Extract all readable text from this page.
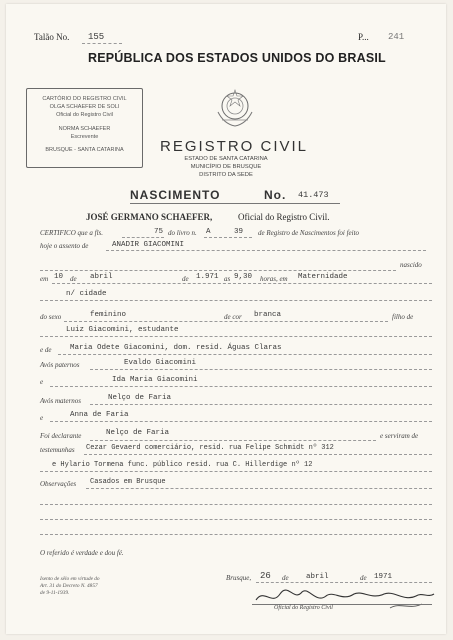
Talão No. 155	P... 241
REPÚBLICA DOS ESTADOS UNIDOS DO BRASIL
CARTÓRIO DO REGISTRO CIVIL
OLGA SCHAEFER DE SOLI
Oficial do Registro Civil
NORMA SCHAEFER
Escrevente
BRUSQUE - SANTA CATARINA	REGISTRO CIVIL
ESTADO DE SANTA CATARINA
MUNICÍPIO DE BRUSQUE
DISTRITO DA SEDE
NASCIMENTO	No. 41.473
JOSÉ GERMANO SCHAEFER,	Oficial do Registro Civil.
CERTIFICO que a fls.	75 do livro n. A	39 de Registro de Nascimentos foi feito
hoje o assento de	ANADIR GIACOMINI
nascido
em 10 de abril	de 1.971 as 9,30 horas, em Maternidade
n/ cidade
do sexo	feminino	de cor branca	filho de
Luiz Giacomini, estudante
e de Maria Odete Giacomini, dom. resid. Águas Claras
Avós paternos	Evaldo Giacomini
e	Ida Maria Giacomini
Avós maternos	Nelço de Faria
e	Anna de Faria
Foi declarante	Nelço de Faria	e serviram de
testemunhas Cezar Gevaerd comerciário, resid. rua Felipe Schmidt nº 312
e Hylario Tormena func. público resid. rua C. Hillerdige nº 12
Observações Casados em Brusque
O referido é verdade e dou fé.
Brusque, 26 de abril	de 1971
Oficial do Registro Civil
Isento de sêlo em virtude do
Art. 31 do Decreto N. 4857
de 9-11-1939.
